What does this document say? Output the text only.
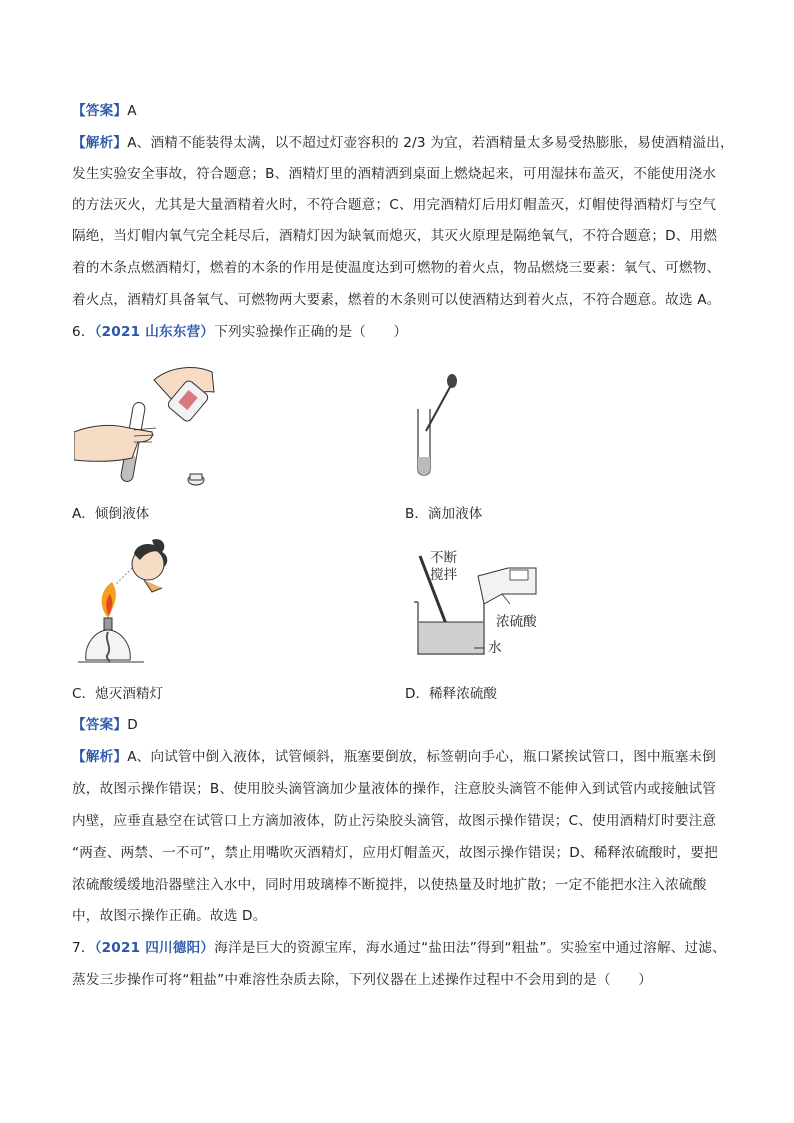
【答案】A
【解析】A、酒精不能装得太满，以不超过灯壶容积的 2/3 为宜，若酒精量太多易受热膨胀，易使酒精溢出，
发生实验安全事故，符合题意；B、酒精灯里的酒精洒到桌面上燃烧起来，可用湿抹布盖灭，不能使用浇水
的方法灭火，尤其是大量酒精着火时，不符合题意；C、用完酒精灯后用灯帽盖灭，灯帽使得酒精灯与空气
隔绝，当灯帽内氧气完全耗尽后，酒精灯因为缺氧而熄灭，其灭火原理是隔绝氧气，不符合题意；D、用燃
着的木条点燃酒精灯，燃着的木条的作用是使温度达到可燃物的着火点，物品燃烧三要素：氧气、可燃物、
着火点，酒精灯具备氧气、可燃物两大要素，燃着的木条则可以使酒精达到着火点，不符合题意。故选 A。
6．（2021 山东东营）下列实验操作正确的是（　　）
A．倾倒液体	B．滴加液体
不断
搅拌
浓硫酸
水
C．熄灭酒精灯	D．稀释浓硫酸
【答案】D
【解析】A、向试管中倒入液体，试管倾斜，瓶塞要倒放，标签朝向手心，瓶口紧挨试管口，图中瓶塞未倒
放，故图示操作错误；B、使用胶头滴管滴加少量液体的操作，注意胶头滴管不能伸入到试管内或接触试管
内壁，应垂直悬空在试管口上方滴加液体，防止污染胶头滴管，故图示操作错误；C、使用酒精灯时要注意
“两查、两禁、一不可”，禁止用嘴吹灭酒精灯，应用灯帽盖灭，故图示操作错误；D、稀释浓硫酸时，要把
浓硫酸缓缓地沿器壁注入水中，同时用玻璃棒不断搅拌，以使热量及时地扩散；一定不能把水注入浓硫酸
中，故图示操作正确。故选 D。
7．（2021 四川德阳）海洋是巨大的资源宝库，海水通过“盐田法”得到“粗盐”。实验室中通过溶解、过滤、
蒸发三步操作可将“粗盐”中难溶性杂质去除，下列仪器在上述操作过程中不会用到的是（　　）
